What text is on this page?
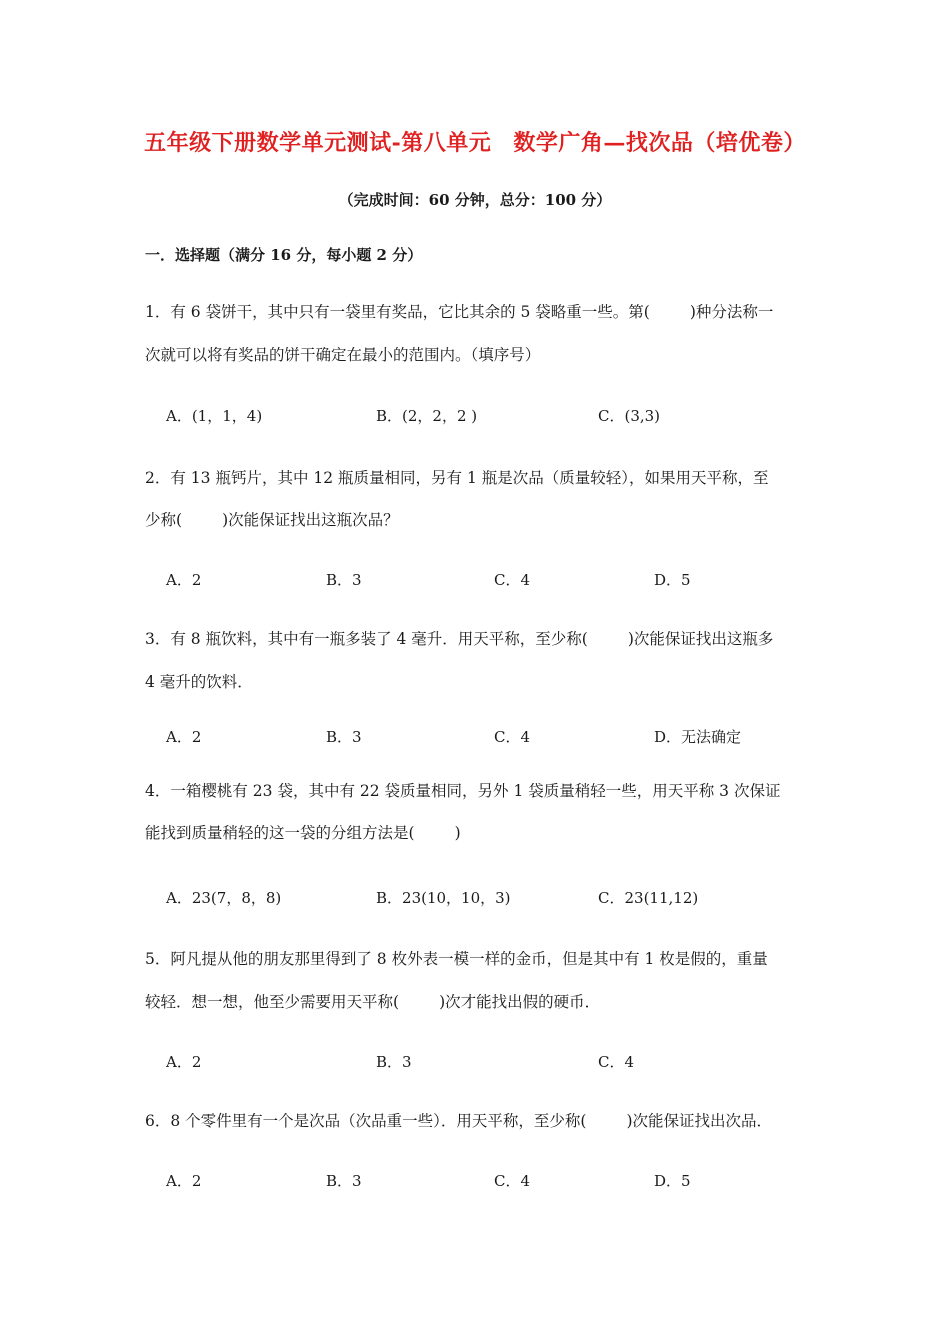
五年级下册数学单元测试-第八单元 数学广角—找次品（培优卷）
（完成时间：60 分钟，总分：100 分）
一．选择题（满分 16 分，每小题 2 分）
1．有 6 袋饼干，其中只有一袋里有奖品，它比其余的 5 袋略重一些。第(	)种分法称一
次就可以将有奖品的饼干确定在最小的范围内。（填序号）
A．(1，1，4)	B．(2，2，2 )	C．(3,3)
2．有 13 瓶钙片，其中 12 瓶质量相同，另有 1 瓶是次品（质量较轻），如果用天平称，至
少称(	)次能保证找出这瓶次品？
A．2	B．3	C．4	D．5
3．有 8 瓶饮料，其中有一瓶多装了 4 毫升．用天平称，至少称(	)次能保证找出这瓶多
4 毫升的饮料．
A．2	B．3	C．4	D．无法确定
4．一箱樱桃有 23 袋，其中有 22 袋质量相同，另外 1 袋质量稍轻一些，用天平称 3 次保证
能找到质量稍轻的这一袋的分组方法是(	)
A．23(7，8，8)	B．23(10，10，3)	C．23(11,12)
5．阿凡提从他的朋友那里得到了 8 枚外表一模一样的金币，但是其中有 1 枚是假的，重量
较轻．想一想，他至少需要用天平称(	)次才能找出假的硬币．
A．2	B．3	C．4
6．8 个零件里有一个是次品（次品重一些）．用天平称，至少称(	)次能保证找出次品．
A．2	B．3	C．4	D．5
